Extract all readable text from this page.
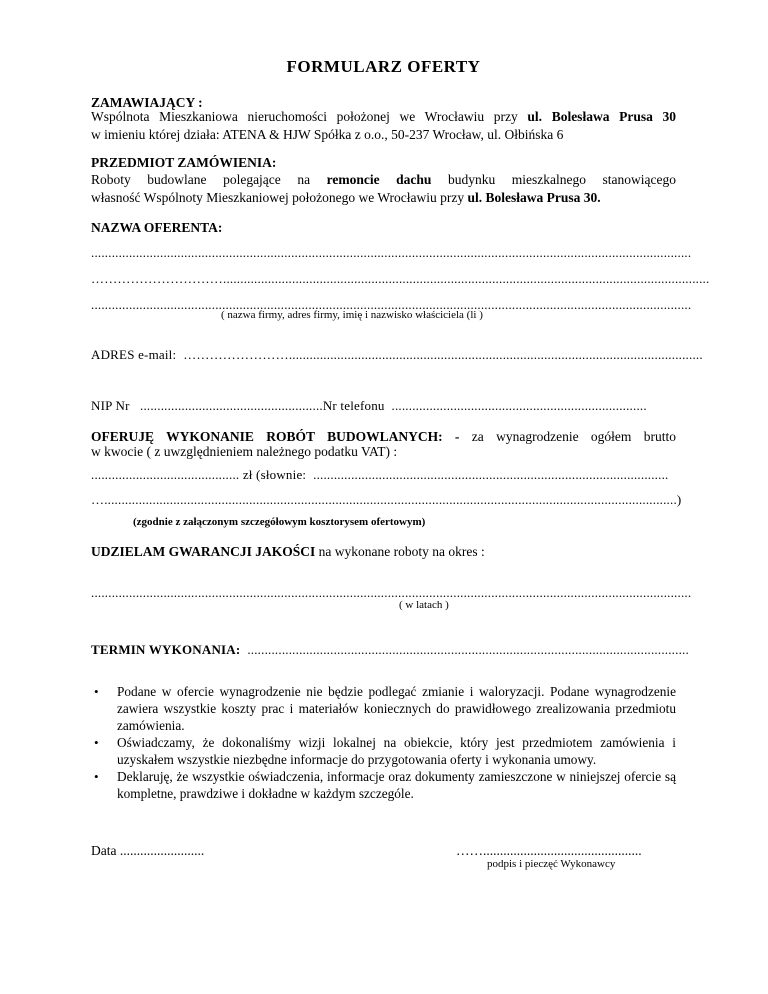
FORMULARZ OFERTY
ZAMAWIAJĄCY :
Wspólnota Mieszkaniowa nieruchomości położonej we Wrocławiu przy ul. Bolesława Prusa 30
w imieniu której działa: ATENA & HJW Spółka z o.o., 50-237 Wrocław, ul. Ołbińska 6
PRZEDMIOT ZAMÓWIENIA:
Roboty budowlane polegające na remoncie dachu budynku mieszkalnego stanowiącego
własność Wspólnoty Mieszkaniowej położonego we Wrocławiu przy ul. Bolesława Prusa 30.
NAZWA OFERENTA:
..............................................................................................................................................................................
………………………….............................................................................................................................................
..............................................................................................................................................................................
( nazwa firmy, adres firmy, imię i nazwisko właściciela (li )
ADRES e-mail: ……………………........................................................................................................................
NIP Nr   .....................................................Nr telefonu  ..........................................................................
OFERUJĘ WYKONANIE ROBÓT BUDOWLANYCH: - za wynagrodzenie ogółem brutto
w kwocie ( z uwzględnieniem należnego podatku VAT) :
........................................... zł (słownie:  .......................................................................................................
…......................................................................................................................................................................)
(zgodnie z załączonym szczegółowym kosztorysem ofertowym)
UDZIELAM GWARANCJI JAKOŚCI na wykonane roboty na okres :
..............................................................................................................................................................................
( w latach )
TERMIN WYKONANIA:  ................................................................................................................................
• Podane w ofercie wynagrodzenie nie będzie podlegać zmianie i waloryzacji. Podane wynagrodzenie zawiera wszystkie koszty prac i materiałów koniecznych do prawidłowego zrealizowania przedmiotu zamówienia.
• Oświadczamy, że dokonaliśmy wizji lokalnej na obiekcie, który jest przedmiotem zamówienia i uzyskałem wszystkie niezbędne informacje do przygotowania oferty i wykonania umowy.
• Deklaruję, że wszystkie oświadczenia, informacje oraz dokumenty zamieszczone w niniejszej ofercie są kompletne, prawdziwe i dokładne w każdym szczególe.
Data .........................	……...............................................
podpis i pieczęć Wykonawcy
